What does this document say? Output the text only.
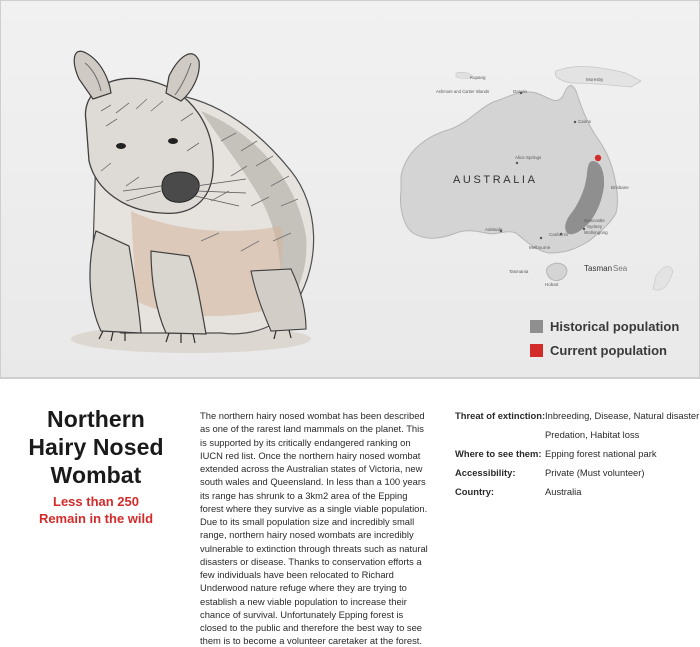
Kupang
Ashmore and Cartier Islands	Darwin
Moresby
Cairns
Alice Springs
Brisbane
Adelaide
Canberra
Melbourne
Newcastle
Sydney
Wollongong
Tasmania
Hobart
AUSTRALIA
Tasman Sea
Historical population
Current population
Northern
Hairy Nosed
Wombat
Less than 250
Remain in the wild
The northern hairy nosed wombat has been described as one of the rarest land mammals on the planet. This is supported by its critically endangered ranking on IUCN red list. Once the northern hairy nosed wombat extended across the Australian states of Victoria, new south wales and Queensland. In less than a 100 years its range has shrunk to a 3km2 area of the Epping forest where they survive as a single viable population. Due to its small population size and incredibly small range, northern hairy nosed wombats are incredibly vulnerable to extinction through threats such as natural disasters or disease. Thanks to conservation efforts a few individuals have been relocated to Richard Underwood nature refuge where they are trying to establish a new viable population to increase their chance of survival. Unfortunately Epping forest is closed to the public and therefore the best way to see them is to become a volunteer caretaker at the forest.
Threat of extinction: Inbreeding, Disease, Natural disaster
Predation, Habitat loss
Where to see them: Epping forest national park
Accessibility:	Private (Must volunteer)
Country:	Australia
